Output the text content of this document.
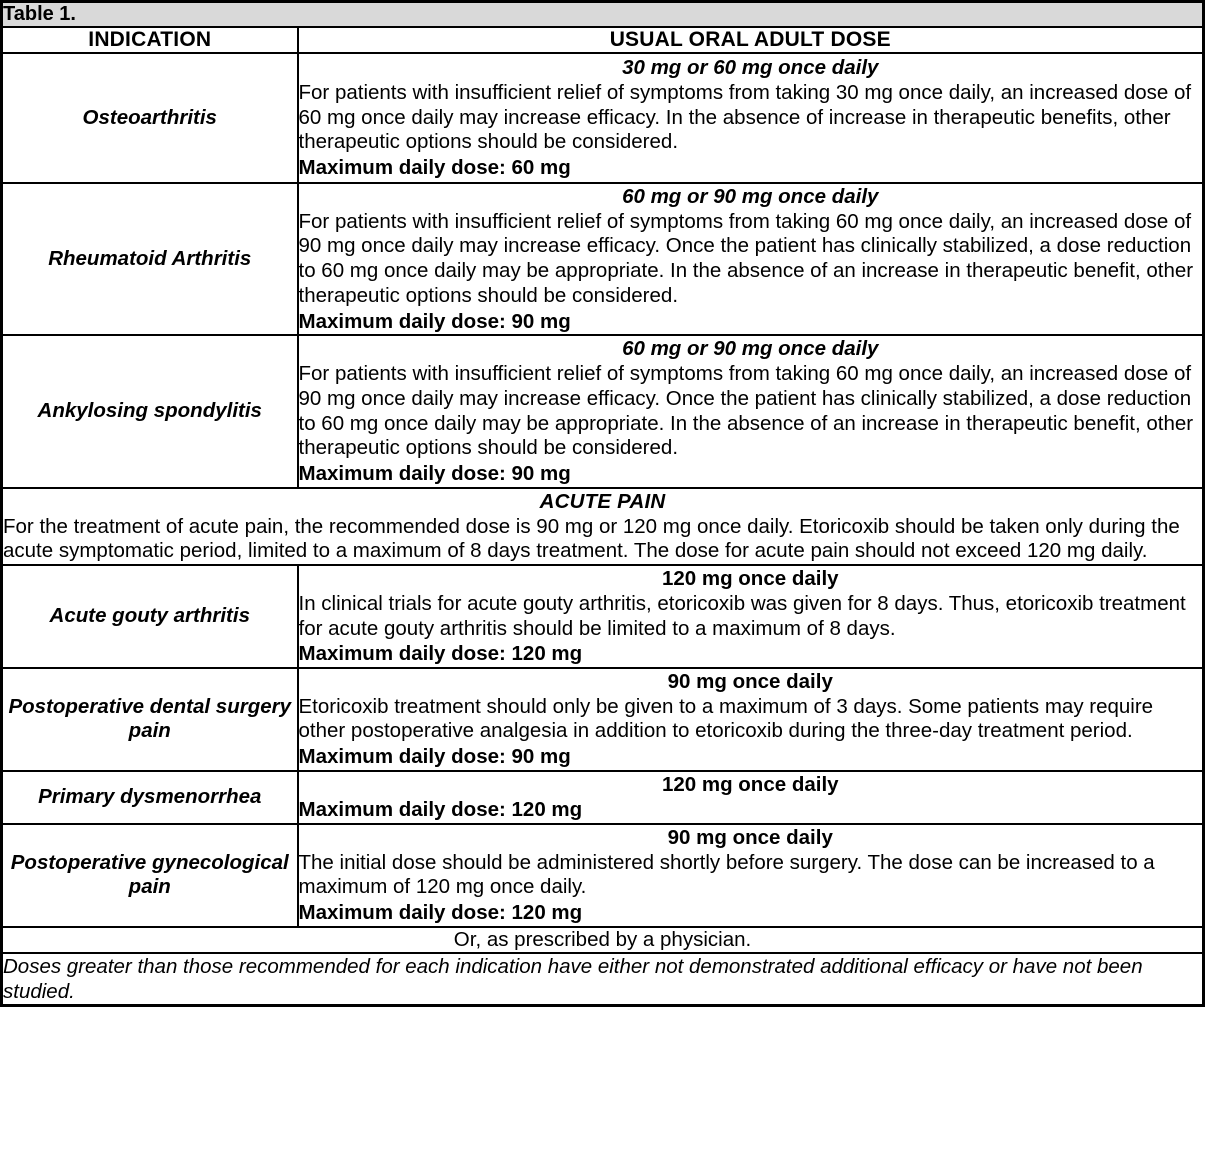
Table 1.	
INDICATION	USUAL ORAL ADULT DOSE
Osteoarthritis	30 mg or 60 mg once daily
For patients with insufficient relief of symptoms from taking 30 mg once daily, an increased dose of 60 mg once daily may increase efficacy. In the absence of increase in therapeutic benefits, other therapeutic options should be considered.
Maximum daily dose: 60 mg

Rheumatoid Arthritis	60 mg or 90 mg once daily
For patients with insufficient relief of symptoms from taking 60 mg once daily, an increased dose of 90 mg once daily may increase efficacy. Once the patient has clinically stabilized, a dose reduction to 60 mg once daily may be appropriate. In the absence of an increase in therapeutic benefit, other therapeutic options should be considered.
Maximum daily dose: 90 mg

Ankylosing spondylitis	60 mg or 90 mg once daily
For patients with insufficient relief of symptoms from taking 60 mg once daily, an increased dose of 90 mg once daily may increase efficacy. Once the patient has clinically stabilized, a dose reduction to 60 mg once daily may be appropriate. In the absence of an increase in therapeutic benefit, other therapeutic options should be considered.
Maximum daily dose: 90 mg

ACUTE PAIN
For the treatment of acute pain, the recommended dose is 90 mg or 120 mg once daily. Etoricoxib should be taken only during the acute symptomatic period, limited to a maximum of 8 days treatment. The dose for acute pain should not exceed 120 mg daily.	

Acute gouty arthritis	120 mg once daily
In clinical trials for acute gouty arthritis, etoricoxib was given for 8 days. Thus, etoricoxib treatment for acute gouty arthritis should be limited to a maximum of 8 days.
Maximum daily dose: 120 mg

Postoperative dental surgery pain	90 mg once daily
Etoricoxib treatment should only be given to a maximum of 3 days. Some patients may require other postoperative analgesia in addition to etoricoxib during the three-day treatment period.
Maximum daily dose: 90 mg

Primary dysmenorrhea	120 mg once daily
Maximum daily dose: 120 mg

Postoperative gynecological pain	90 mg once daily
The initial dose should be administered shortly before surgery. The dose can be increased to a maximum of 120 mg once daily.
Maximum daily dose: 120 mg

Or, as prescribed by a physician.	
Doses greater than those recommended for each indication have either not demonstrated additional efficacy or have not been studied.	
